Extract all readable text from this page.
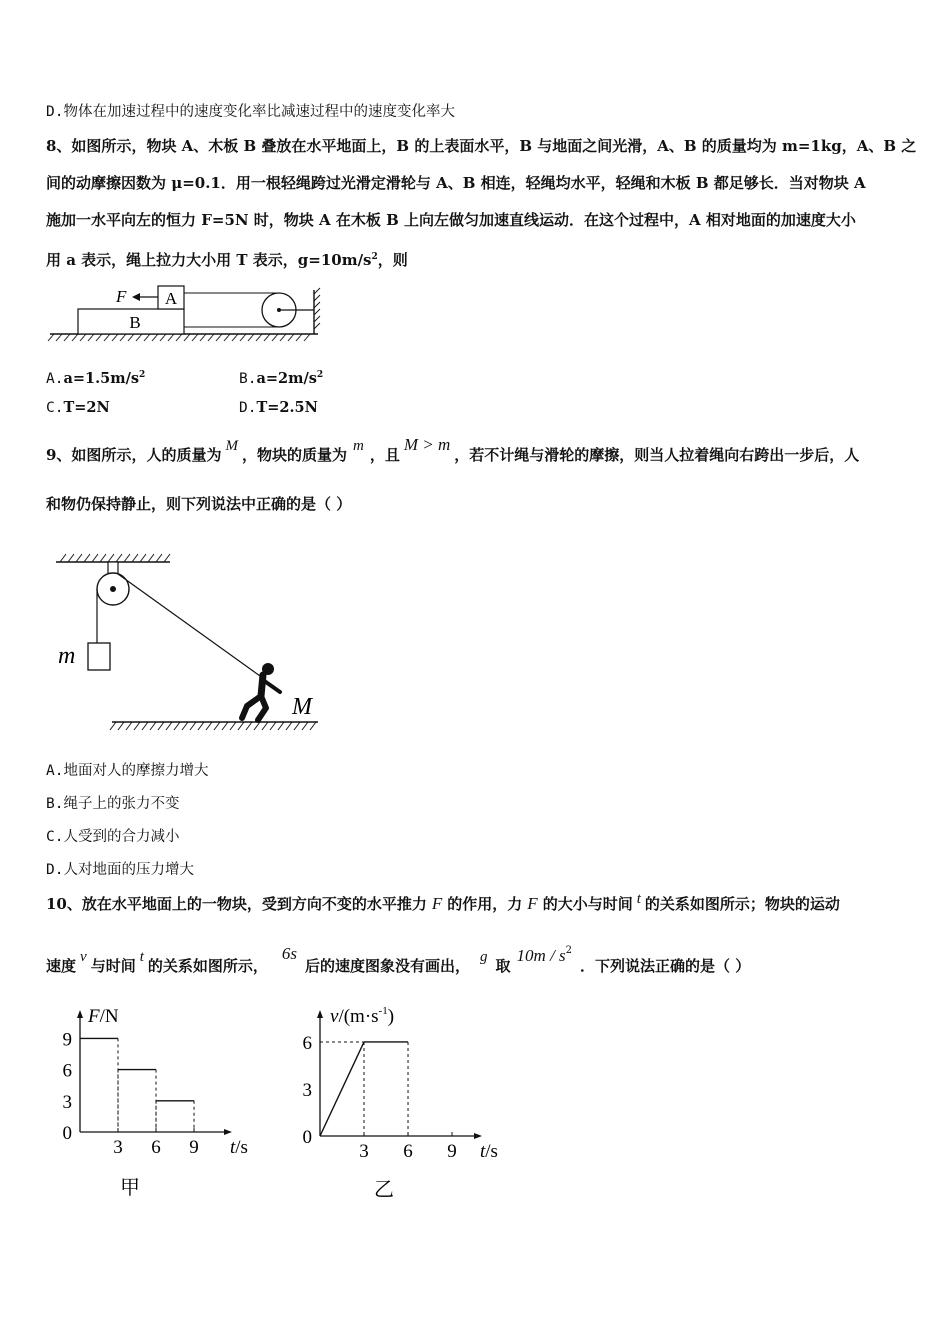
D.物体在加速过程中的速度变化率比减速过程中的速度变化率大
8、如图所示，物块 A、木板 B 叠放在水平地面上，B 的上表面水平，B 与地面之间光滑，A、B 的质量均为 m=1kg，A、B 之
间的动摩擦因数为 μ=0.1．用一根轻绳跨过光滑定滑轮与 A、B 相连，轻绳均水平，轻绳和木板 B 都足够长．当对物块 A
施加一水平向左的恒力 F=5N 时，物块 A 在木板 B 上向左做匀加速直线运动．在这个过程中，A 相对地面的加速度大小
用 a 表示，绳上拉力大小用 T 表示，$g=10m/s^2$，则
F A
B
$A.a=1.5m/s^2$	$B.a=2m/s^2$
C.T=2N	D.T=2.5N
9、如图所示，人的质量为 M ，物块的质量为 m ，且M > m，若不计绳与滑轮的摩擦，则当人拉着绳向右跨出一步后，人
和物仍保持静止，则下列说法中正确的是（ ）
m
M
A.地面对人的摩擦力增大
B.绳子上的张力不变
C.人受到的合力减小
D.人对地面的压力增大
10、放在水平地面上的一物块，受到方向不变的水平推力 F 的作用，力 F 的大小与时间 t 的关系如图所示；物块的运动
速度 v 与时间 t 的关系如图所示，6s后的速度图象没有画出， g 取$10m / s^2$．下列说法正确的是（ ）
3 6 9
9
6
3
0
t/s
F/N
甲
3 6 9
6
3
0
t/s
$v/(m\cdot s^{-1})$
乙
